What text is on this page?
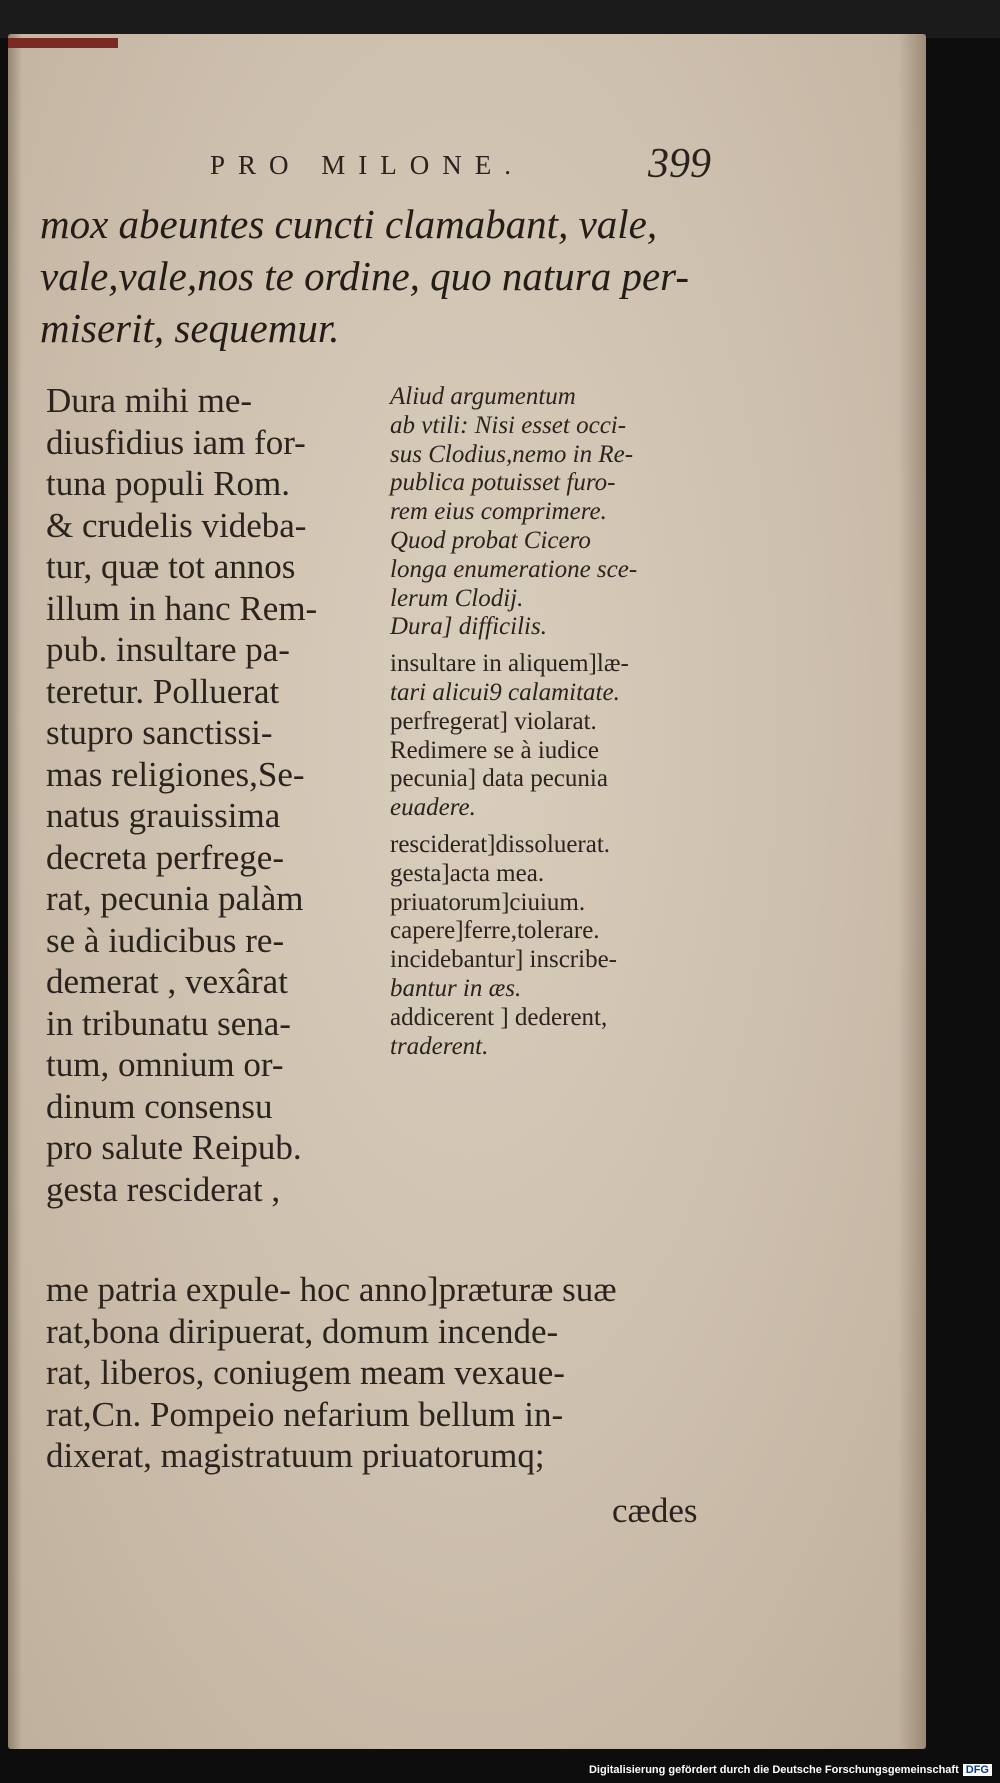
PRO MILONE.	399
mox abeuntes cuncti clamabant, vale,
vale,vale,nos te ordine, quo natura per-
miserit, sequemur.
Dura mihi me-
diusfidius iam for-
tuna populi Rom.
& crudelis videba-
tur, quæ tot annos
illum in hanc Rem-
pub. insultare pa-
teretur. Polluerat
stupro sanctissi-
mas religiones,Se-
natus grauissima
decreta perfrege-
rat, pecunia palàm
se à iudicibus re-
demerat , vexârat
in tribunatu sena-
tum, omnium or-
dinum consensu
pro salute Reipub.
gesta resciderat ,
Aliud argumentum
ab vtili: Nisi esset occi-
sus Clodius,nemo in Re-
publica potuisset furo-
rem eius comprimere.
Quod probat Cicero
longa enumeratione sce-
lerum Clodij.
Dura] difficilis.
insultare in aliquem]læ-
tari alicui9 calamitate.
perfregerat] violarat.
Redimere se à iudice
pecunia] data pecunia
euadere.
resciderat]dissoluerat.
gesta]acta mea.
priuatorum]ciuium.
capere]ferre,tolerare.
incidebantur] inscribe-
bantur in æs.
addicerent ] dederent,
traderent.
me patria expule- hoc anno]præturæ suæ
rat,bona diripuerat, domum incende-
rat, liberos, coniugem meam vexaue-
rat,Cn. Pompeio nefarium bellum in-
dixerat, magistratuum priuatorumq;
cædes
Digitalisierung gefördert durch die Deutsche Forschungsgemeinschaft DFG
